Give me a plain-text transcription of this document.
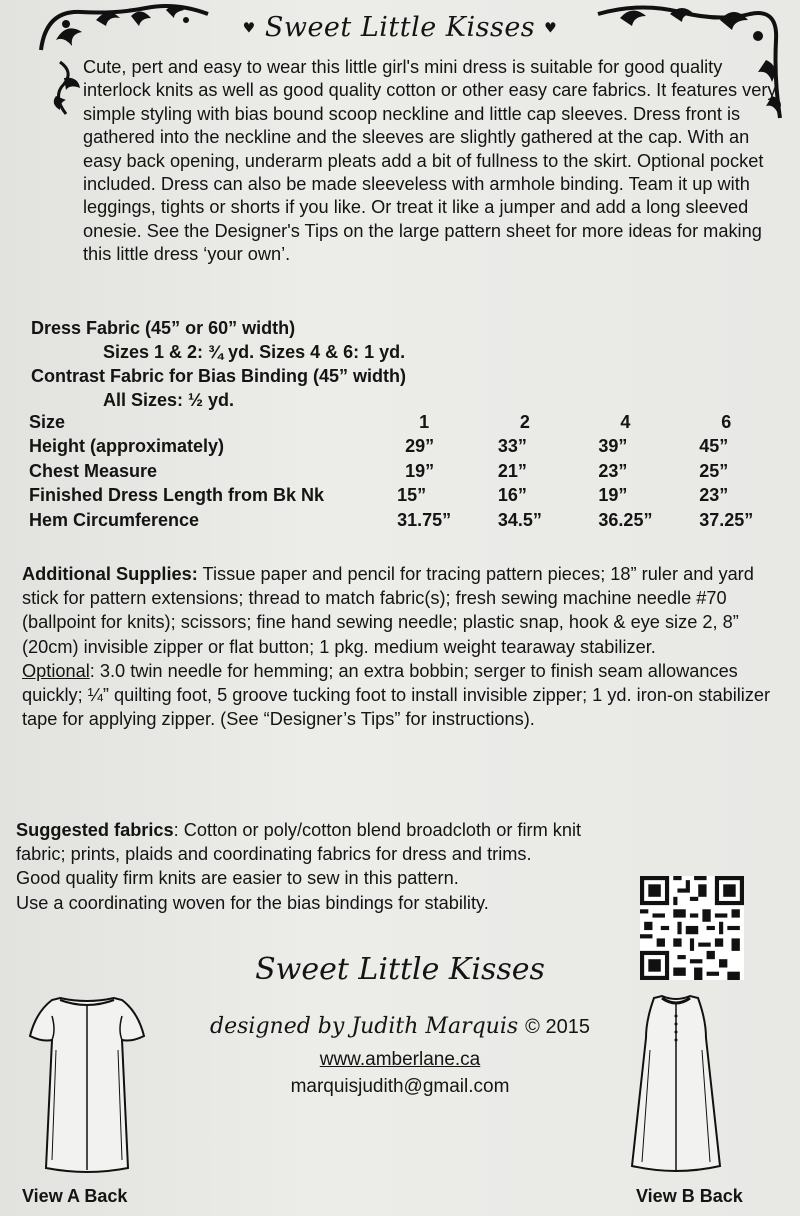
♥ Sweet Little Kisses ♥

Cute, pert and easy to wear this little girl's mini dress is suitable for good quality interlock knits as well as good quality cotton or other easy care fabrics. It features very simple styling with bias bound scoop neckline and little cap sleeves. Dress front is gathered into the neckline and the sleeves are slightly gathered at the cap. With an easy back opening, underarm pleats add a bit of fullness to the skirt. Optional pocket included. Dress can also be made sleeveless with armhole binding. Team it up with leggings, tights or shorts if you like. Or treat it like a jumper and add a long sleeved onesie. See the Designer's Tips on the large pattern sheet for more ideas for making this little dress ‘your own’.

Dress Fabric (45” or 60” width)
Sizes 1 & 2: ¾ yd. Sizes 4 & 6: 1 yd.
Contrast Fabric for Bias Binding (45” width)
All Sizes: ½ yd.
Size	1	2	4	6
Height (approximately)	29”	33”	39”	45”
Chest Measure	19”	21”	23”	25”
Finished Dress Length from Bk Nk	15”	16”	19”	23”
Hem Circumference	31.75”	34.5”	36.25”	37.25”

Additional Supplies: Tissue paper and pencil for tracing pattern pieces; 18” ruler and yard stick for pattern extensions; thread to match fabric(s); fresh sewing machine needle #70 (ballpoint for knits); scissors; fine hand sewing needle; plastic snap, hook & eye size 2, 8” (20cm) invisible zipper or flat button; 1 pkg. medium weight tearaway stabilizer.

Optional: 3.0 twin needle for hemming; an extra bobbin; serger to finish seam allowances quickly; ¼” quilting foot, 5 groove tucking foot to install invisible zipper; 1 yd. iron-on stabilizer tape for applying zipper. (See “Designer’s Tips” for instructions).

Suggested fabrics: Cotton or poly/cotton blend broadcloth or firm knit

fabric; prints, plaids and coordinating fabrics for dress and trims.

Good quality firm knits are easier to sew in this pattern.

Use a coordinating woven for the bias bindings for stability.

Sweet Little Kisses
designed by Judith Marquis © 2015
www.amberlane.ca
marquisjudith@gmail.com
View A Back	View B Back
